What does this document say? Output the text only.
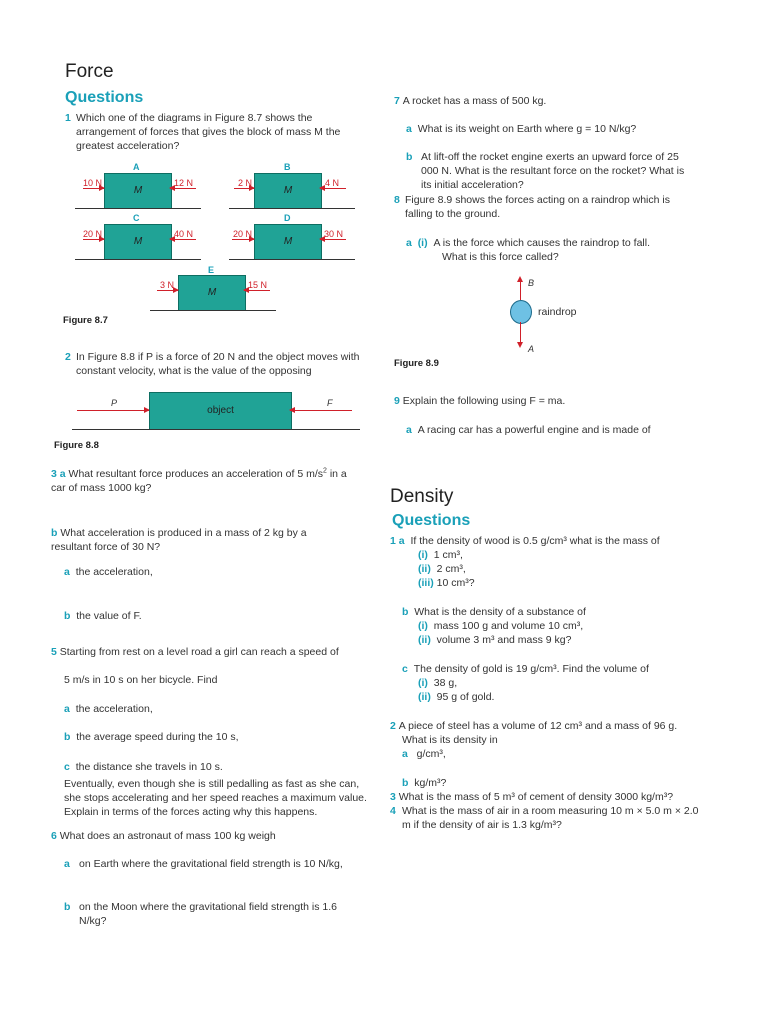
Force
Questions
1 Which one of the diagrams in Figure 8.7 shows the arrangement of forces that gives the block of mass M the greatest acceleration?
A
M
10 N	12 N
B
M
2 N	4 N
C
M
20 N	40 N
D
M
20 N	30 N
E
M
3 N	15 N
Figure 8.7
2 In Figure 8.8 if P is a force of 20 N and the object moves with constant velocity, what is the value of the opposing
P
object
F
Figure 8.8
3 a What resultant force produces an acceleration of 5 $m/s^2$ in a car of mass 1000 kg?
b What acceleration is produced in a mass of 2 kg by a resultant force of 30 N?
a the acceleration,
b the value of F.
5 Starting from rest on a level road a girl can reach a speed of
5 m/s in 10 s on her bicycle. Find
a the acceleration,
b the average speed during the 10 s,
c the distance she travels in 10 s.
Eventually, even though she is still pedalling as fast as she can, she stops accelerating and her speed reaches a maximum value. Explain in terms of the forces acting why this happens.
6 What does an astronaut of mass 100 kg weigh
a on Earth where the gravitational field strength is 10 N/kg,
b on the Moon where the gravitational field strength is 1.6 N/kg?
7 A rocket has a mass of 500 kg.
a What is its weight on Earth where g = 10 N/kg?
b At lift-off the rocket engine exerts an upward force of 25 000 N. What is the resultant force on the rocket? What is its initial acceleration?
8 Figure 8.9 shows the forces acting on a raindrop which is falling to the ground.
a (i) A is the force which causes the raindrop to fall.
What is this force called?
B
A
raindrop
Figure 8.9
9 Explain the following using F = ma.
a A racing car has a powerful engine and is made of
Density
Questions
1 a If the density of wood is 0.5 g/cm³ what is the mass of
(i) 1 cm³,
(ii) 2 cm³,
(iii) 10 cm³?
b What is the density of a substance of
(i) mass 100 g and volume 10 cm³,
(ii) volume 3 m³ and mass 9 kg?
c The density of gold is 19 g/cm³. Find the volume of
(i) 38 g,
(ii) 95 g of gold.
2 A piece of steel has a volume of 12 cm³ and a mass of 96 g.
What is its density in
a g/cm³,
b kg/m³?
3 What is the mass of 5 m³ of cement of density 3000 kg/m³?
4 What is the mass of air in a room measuring 10 m × 5.0 m × 2.0 m if the density of air is 1.3 kg/m³?
